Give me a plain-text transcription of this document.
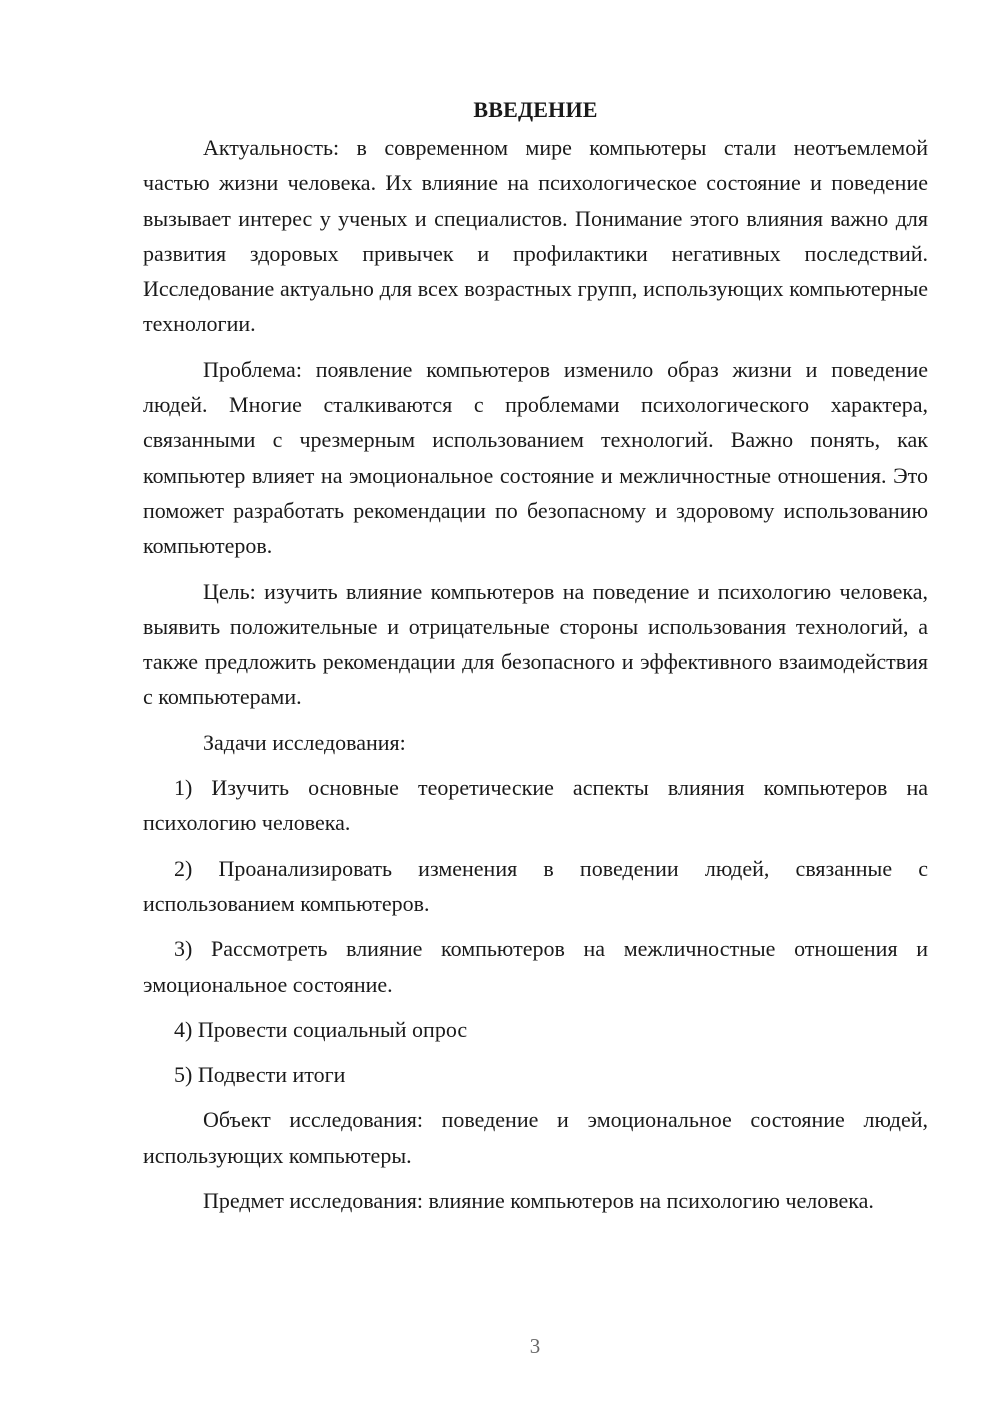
ВВЕДЕНИЕ

Актуальность: в современном мире компьютеры стали неотъемлемой частью жизни человека. Их влияние на психологическое состояние и поведение вызывает интерес у ученых и специалистов. Понимание этого влияния важно для развития здоровых привычек и профилактики негативных последствий. Исследование актуально для всех возрастных групп, использующих компьютерные технологии.

Проблема: появление компьютеров изменило образ жизни и поведение людей. Многие сталкиваются с проблемами психологического характера, связанными с чрезмерным использованием технологий. Важно понять, как компьютер влияет на эмоциональное состояние и межличностные отношения. Это поможет разработать рекомендации по безопасному и здоровому использованию компьютеров.

Цель: изучить влияние компьютеров на поведение и психологию человека, выявить положительные и отрицательные стороны использования технологий, а также предложить рекомендации для безопасного и эффективного взаимодействия с компьютерами.

Задачи исследования:

1) Изучить основные теоретические аспекты влияния компьютеров на психологию человека.

2) Проанализировать изменения в поведении людей, связанные с использованием компьютеров.

3) Рассмотреть влияние компьютеров на межличностные отношения и эмоциональное состояние.

4) Провести социальный опрос

5) Подвести итоги

Объект исследования: поведение и эмоциональное состояние людей, использующих компьютеры.

Предмет исследования: влияние компьютеров на психологию человека.

3
